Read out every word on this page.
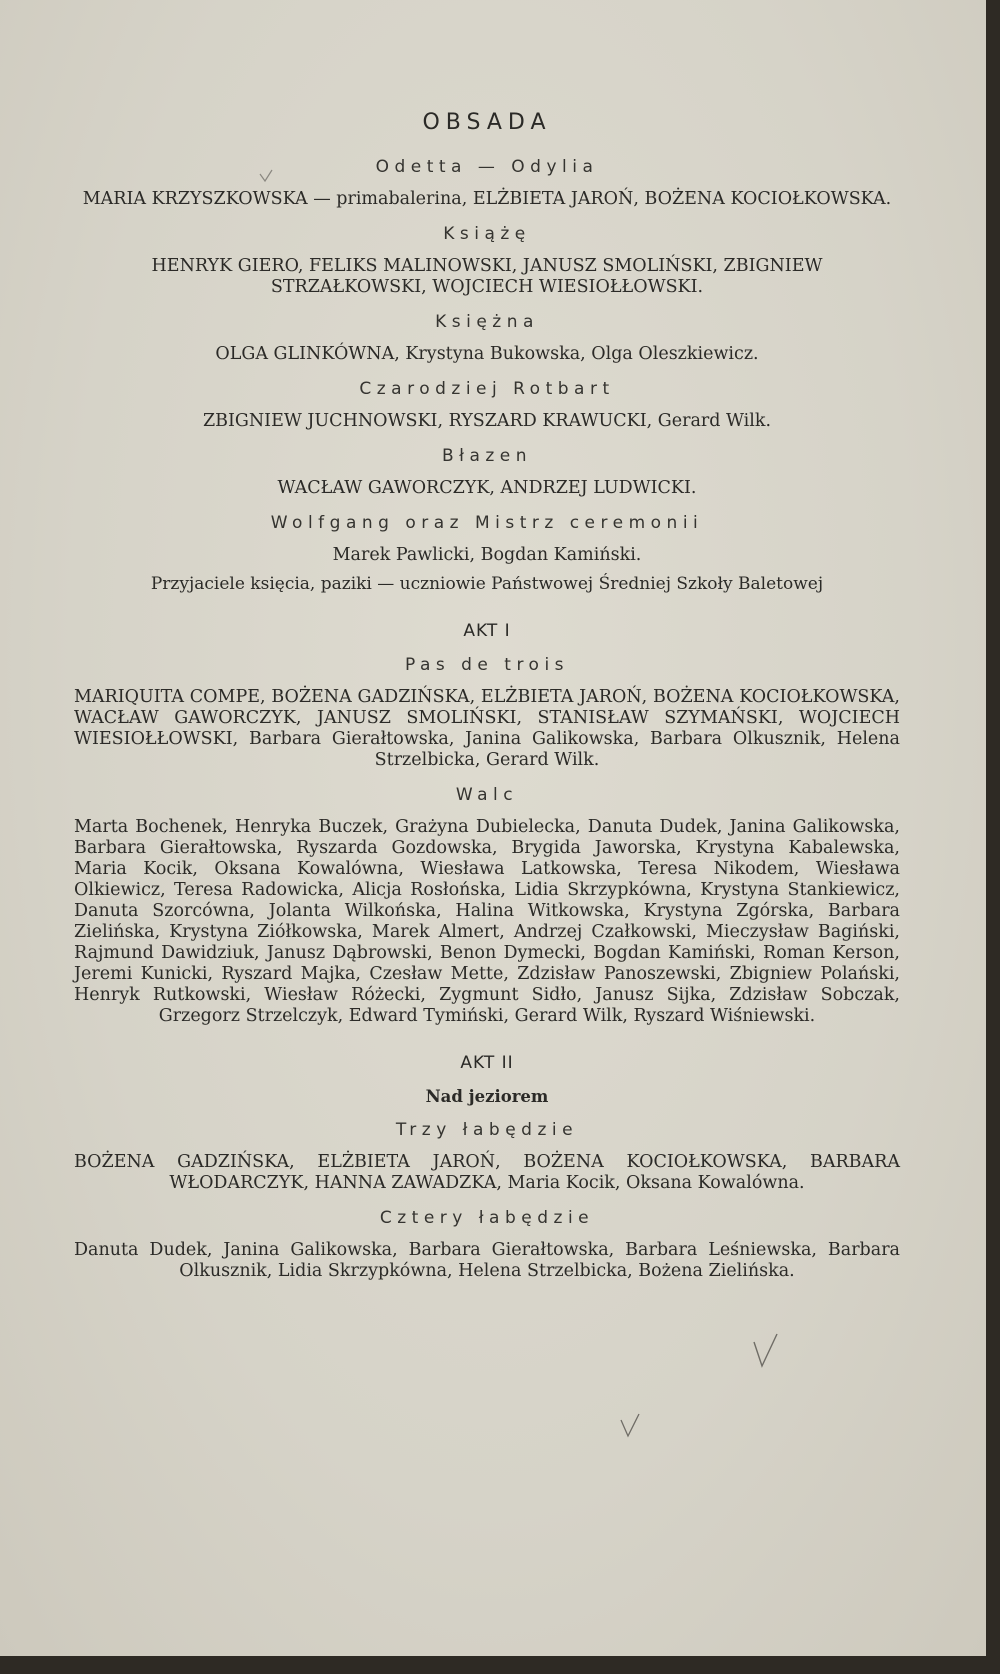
OBSADA

Odetta — Odylia

MARIA KRZYSZKOWSKA — primabalerina, ELŻBIETA JAROŃ, BOŻENA KOCIOŁKOWSKA.

Książę

HENRYK GIERO, FELIKS MALINOWSKI, JANUSZ SMOLIŃSKI, ZBIGNIEW STRZAŁKOWSKI, WOJCIECH WIESIOŁŁOWSKI.

Księżna

OLGA GLINKÓWNA, Krystyna Bukowska, Olga Oleszkiewicz.

Czarodziej Rotbart

ZBIGNIEW JUCHNOWSKI, RYSZARD KRAWUCKI, Gerard Wilk.

Błazen

WACŁAW GAWORCZYK, ANDRZEJ LUDWICKI.

Wolfgang oraz Mistrz ceremonii

Marek Pawlicki, Bogdan Kamiński.

Przyjaciele księcia, paziki — uczniowie Państwowej Średniej Szkoły Baletowej

AKT I

Pas de trois

MARIQUITA COMPE, BOŻENA GADZIŃSKA, ELŻBIETA JAROŃ, BOŻENA KOCIOŁKOWSKA, WACŁAW GAWORCZYK, JANUSZ SMOLIŃSKI, STANISŁAW SZYMAŃSKI, WOJCIECH WIESIOŁŁOWSKI, Barbara Gierałtowska, Janina Galikowska, Barbara Olkusznik, Helena Strzelbicka, Gerard Wilk.

Walc

Marta Bochenek, Henryka Buczek, Grażyna Dubielecka, Danuta Dudek, Janina Galikowska, Barbara Gierałtowska, Ryszarda Gozdowska, Brygida Jaworska, Krystyna Kabalewska, Maria Kocik, Oksana Kowalówna, Wiesława Latkowska, Teresa Nikodem, Wiesława Olkiewicz, Teresa Radowicka, Alicja Rosłońska, Lidia Skrzypkówna, Krystyna Stankiewicz, Danuta Szorcówna, Jolanta Wilkońska, Halina Witkowska, Krystyna Zgórska, Barbara Zielińska, Krystyna Ziółkowska, Marek Almert, Andrzej Czałkowski, Mieczysław Bagiński, Rajmund Dawidziuk, Janusz Dąbrowski, Benon Dymecki, Bogdan Kamiński, Roman Kerson, Jeremi Kunicki, Ryszard Majka, Czesław Mette, Zdzisław Panoszewski, Zbigniew Polański, Henryk Rutkowski, Wiesław Różecki, Zygmunt Sidło, Janusz Sijka, Zdzisław Sobczak, Grzegorz Strzelczyk, Edward Tymiński, Gerard Wilk, Ryszard Wiśniewski.

AKT II

Nad jeziorem

Trzy łabędzie

BOŻENA GADZIŃSKA, ELŻBIETA JAROŃ, BOŻENA KOCIOŁKOWSKA, BARBARA WŁODARCZYK, HANNA ZAWADZKA, Maria Kocik, Oksana Kowalówna.

Cztery łabędzie

Danuta Dudek, Janina Galikowska, Barbara Gierałtowska, Barbara Leśniewska, Barbara Olkusznik, Lidia Skrzypkówna, Helena Strzelbicka, Bożena Zielińska.
